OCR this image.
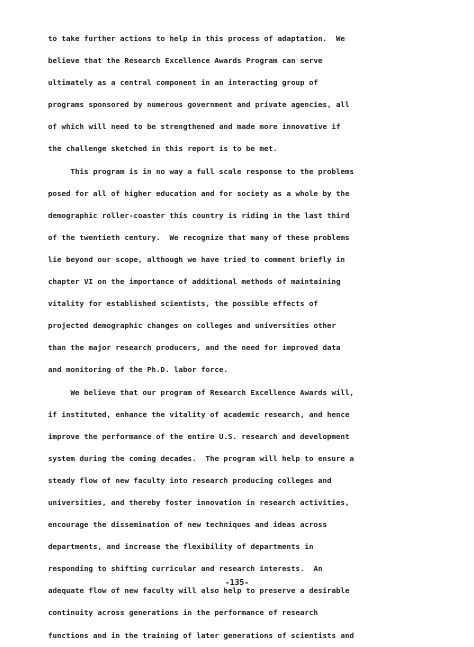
to take further actions to help in this process of adaptation.  We
believe that the Research Excellence Awards Program can serve
ultimately as a central component in an interacting group of
programs sponsored by numerous government and private agencies, all
of which will need to be strengthened and made more innovative if
the challenge sketched in this report is to be met.
This program is in no way a full scale response to the problems
posed for all of higher education and for society as a whole by the
demographic roller-coaster this country is riding in the last third
of the twentieth century.  We recognize that many of these problems
lie beyond our scope, although we have tried to comment briefly in
chapter VI on the importance of additional methods of maintaining
vitality for established scientists, the possible effects of
projected demographic changes on colleges and universities other
than the major research producers, and the need for improved data
and monitoring of the Ph.D. labor force.
We believe that our program of Research Excellence Awards will,
if instituted, enhance the vitality of academic research, and hence
improve the performance of the entire U.S. research and development
system during the coming decades.  The program will help to ensure a
steady flow of new faculty into research producing colleges and
universities, and thereby foster innovation in research activities,
encourage the dissemination of new techniques and ideas across
departments, and increase the flexibility of departments in
responding to shifting curricular and research interests.  An
adequate flow of new faculty will also help to preserve a desirable
continuity across generations in the performance of research
functions and in the training of later generations of scientists and
-135-
